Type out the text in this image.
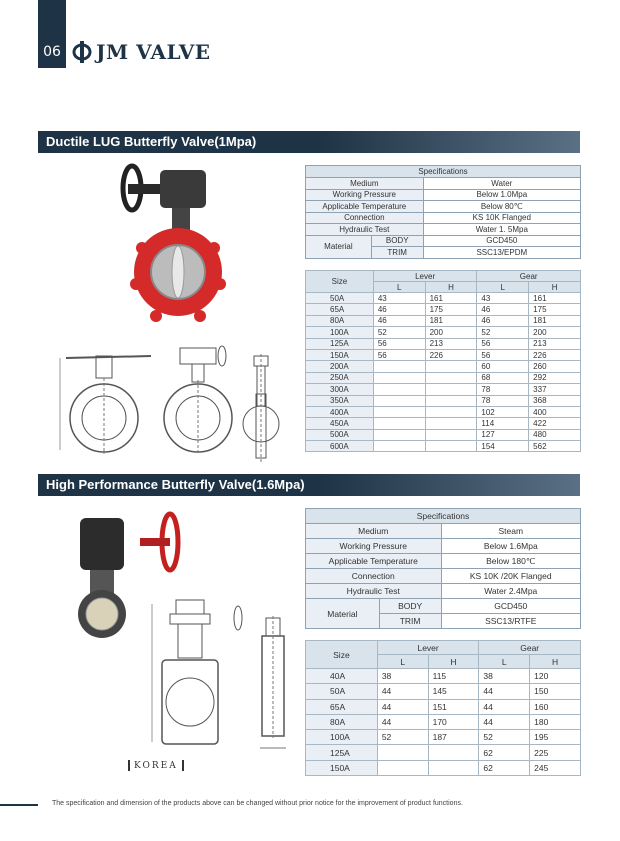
06 JM VALVE
Ductile LUG Butterfly Valve(1Mpa)
Specifications		
Medium		Water
Working Pressure		Below 1.0Mpa
Applicable Temperature		Below 80℃
Connection		KS 10K Flanged
Hydraulic Test		Water 1. 5Mpa
Material	BODY	GCD450
	TRIM	SSC13/EPDM
Size	Lever		Gear	
	L	H	L	H
50A	43	161	43	161
65A	46	175	46	175
80A	46	181	46	181
100A	52	200	52	200
125A	56	213	56	213
150A	56	226	56	226
200A			60	260
250A			68	292
300A			78	337
350A			78	368
400A			102	400
450A			114	422
500A			127	480
600A			154	562
High Performance Butterfly Valve(1.6Mpa)
Specifications		
Medium		Steam
Working Pressure		Below 1.6Mpa
Applicable Temperature		Below 180℃
Connection		KS 10K /20K Flanged
Hydraulic Test		Water 2.4Mpa
Material	BODY	GCD450
	TRIM	SSC13/RTFE
Size	Lever		Gear	
	L	H	L	H
40A	38	115	38	120
50A	44	145	44	150
65A	44	151	44	160
80A	44	170	44	180
100A	52	187	52	195
125A			62	225
150A			62	245
KOREA
The specification and dimension of the products above can be changed without prior notice for the improvement of product functions.
